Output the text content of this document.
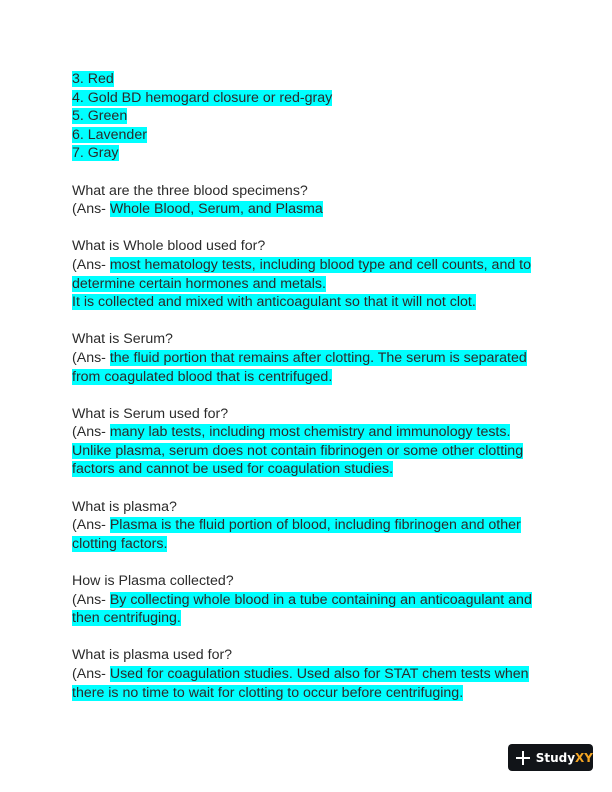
3. Red
4. Gold BD hemogard closure or red-gray
5. Green
6. Lavender
7. Gray
What are the three blood specimens?
(Ans- Whole Blood, Serum, and Plasma
What is Whole blood used for?
(Ans- most hematology tests, including blood type and cell counts, and to
determine certain hormones and metals.
It is collected and mixed with anticoagulant so that it will not clot.
What is Serum?
(Ans- the fluid portion that remains after clotting. The serum is separated
from coagulated blood that is centrifuged.
What is Serum used for?
(Ans- many lab tests, including most chemistry and immunology tests.
Unlike plasma, serum does not contain fibrinogen or some other clotting
factors and cannot be used for coagulation studies.
What is plasma?
(Ans- Plasma is the fluid portion of blood, including fibrinogen and other
clotting factors.
How is Plasma collected?
(Ans- By collecting whole blood in a tube containing an anticoagulant and
then centrifuging.
What is plasma used for?
(Ans- Used for coagulation studies. Used also for STAT chem tests when
there is no time to wait for clotting to occur before centrifuging.
StudyXY
